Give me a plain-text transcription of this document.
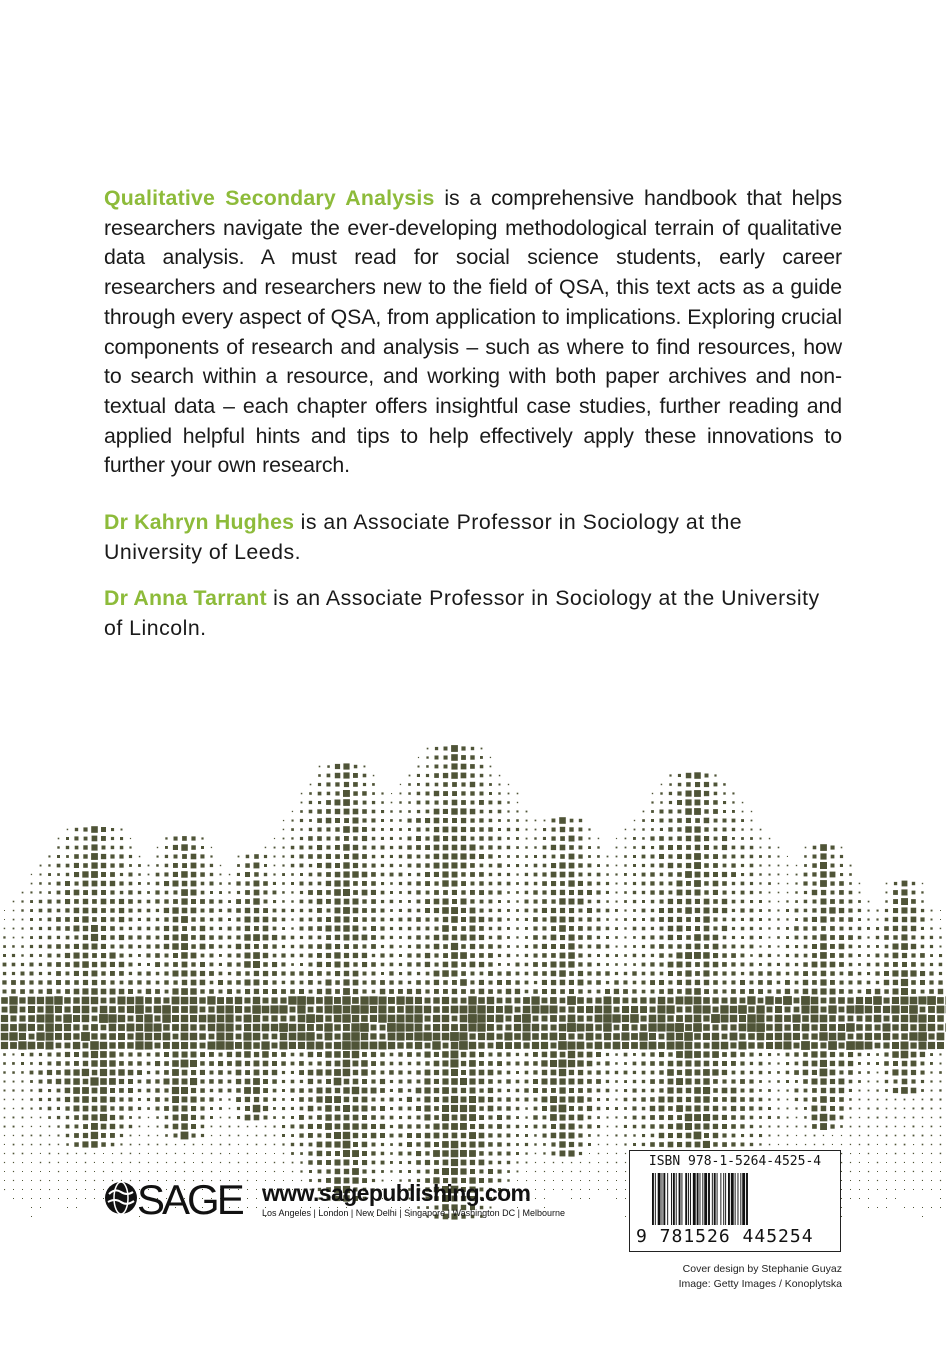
Qualitative Secondary Analysis is a comprehensive handbook that helps researchers navigate the ever-developing methodological terrain of qualitative data analysis. A must read for social science students, early career researchers and researchers new to the field of QSA, this text acts as a guide through every aspect of QSA, from application to implications. Exploring crucial components of research and analysis – such as where to find resources, how to search within a resource, and working with both paper archives and non-textual data – each chapter offers insightful case studies, further reading and applied helpful hints and tips to help effectively apply these innovations to further your own research.
Dr Kahryn Hughes is an Associate Professor in Sociology at the University of Leeds.
Dr Anna Tarrant is an Associate Professor in Sociology at the University of Lincoln.
SAGE www.sagepublishing.com
Los Angeles | London | New Delhi | Singapore | Washington DC | Melbourne
ISBN 978-1-5264-4525-4
9 781526 445254
Cover design by Stephanie Guyaz
Image: Getty Images / Konoplytska
